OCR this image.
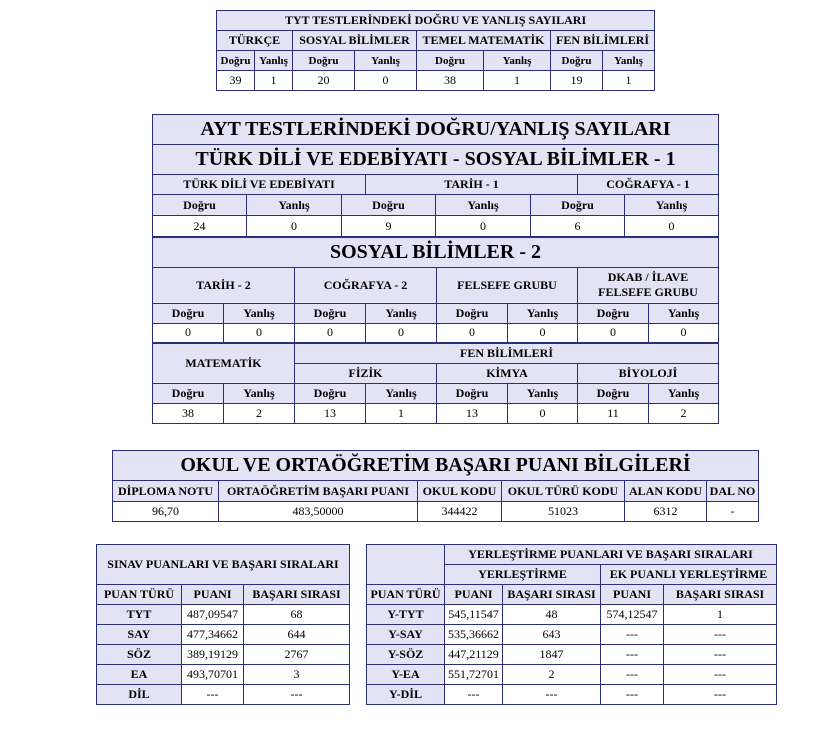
TYT TESTLERİNDEKİ DOĞRU VE YANLIŞ SAYILARI							
TÜRKÇE		SOSYAL BİLİMLER		TEMEL MATEMATİK		FEN BİLİMLERİ	
Doğru	Yanlış	Doğru	Yanlış	Doğru	Yanlış	Doğru	Yanlış
39	1	20	0	38	1	19	1
AYT TESTLERİNDEKİ DOĞRU/YANLIŞ SAYILARI
TÜRK DİLİ VE EDEBİYATI - SOSYAL BİLİMLER - 1
TÜRK DİLİ VE EDEBİYATI	TARİH - 1	COĞRAFYA - 1
Doğru	Yanlış	Doğru	Yanlış	Doğru	Yanlış
24	0	9	0	6	0
SOSYAL BİLİMLER - 2							
TARİH - 2		COĞRAFYA - 2		FELSEFE GRUBU		DKAB / İLAVE
FELSEFE GRUBU	
Doğru	Yanlış	Doğru	Yanlış	Doğru	Yanlış	Doğru	Yanlış
0	0	0	0	0	0	0	0
MATEMATİK		FEN BİLİMLERİ					
		FİZİK		KİMYA		BİYOLOJİ	
Doğru	Yanlış	Doğru	Yanlış	Doğru	Yanlış	Doğru	Yanlış
38	2	13	1	13	0	11	2
OKUL VE ORTAÖĞRETİM BAŞARI PUANI BİLGİLERİ					
DİPLOMA NOTU	ORTAÖĞRETİM BAŞARI PUANI	OKUL KODU	OKUL TÜRÜ KODU	ALAN KODU	DAL NO
96,70	483,50000	344422	51023	6312	-
SINAV PUANLARI VE BAŞARI SIRALARI		
PUAN TÜRÜ	PUANI	BAŞARI SIRASI
TYT	487,09547	68
SAY	477,34662	644
SÖZ	389,19129	2767
EA	493,70701	3
DİL	---	---
	YERLEŞTİRME PUANLARI VE BAŞARI SIRALARI			
	YERLEŞTİRME		EK PUANLI YERLEŞTİRME	
PUAN TÜRÜ	PUANI	BAŞARI SIRASI	PUANI	BAŞARI SIRASI
Y-TYT	545,11547	48	574,12547	1
Y-SAY	535,36662	643	---	---
Y-SÖZ	447,21129	1847	---	---
Y-EA	551,72701	2	---	---
Y-DİL	---	---	---	---
